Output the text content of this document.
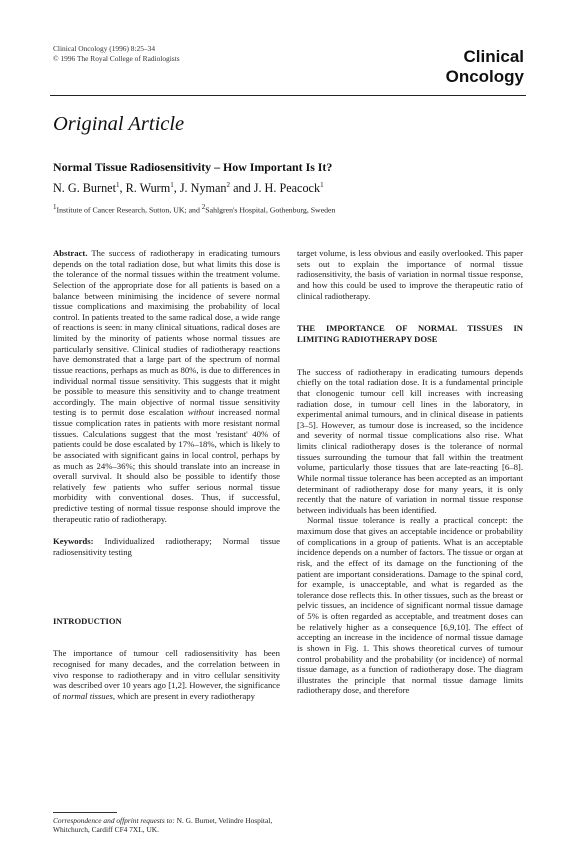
Clinical Oncology (1996) 8:25–34
© 1996 The Royal College of Radiologists	Clinical
Oncology
Original Article
Normal Tissue Radiosensitivity – How Important Is It?
N. G. Burnet$^1$, R. Wurm$^1$, J. Nyman$^2$ and J. H. Peacock$^1$
$^1$Institute of Cancer Research, Sutton, UK; and $^2$Sahlgren's Hospital, Gothenburg, Sweden

Abstract. The success of radiotherapy in eradicating tumours depends on the total radiation dose, but what limits this dose is the tolerance of the normal tissues within the treatment volume. Selection of the appropriate dose for all patients is based on a balance between minimising the incidence of severe normal tissue complications and maximising the probability of local control. In patients treated to the same radical dose, a wide range of reactions is seen: in many clinical situations, radical doses are limited by the minority of patients whose normal tissues are particularly sensitive. Clinical studies of radiotherapy reactions have demonstrated that a large part of the spectrum of normal tissue reactions, perhaps as much as 80%, is due to differences in individual normal tissue sensitivity. This suggests that it might be possible to measure this sensitivity and to change treatment accordingly. The main objective of normal tissue sensitivity testing is to permit dose escalation without increased normal tissue complication rates in patients with more resistant normal tissues. Calculations suggest that the most 'resistant' 40% of patients could be dose escalated by 17%–18%, which is likely to be associated with significant gains in local control, perhaps by as much as 24%–36%; this should translate into an increase in overall survival. It should also be possible to identify those relatively few patients who suffer serious normal tissue morbidity with conventional doses. Thus, if successful, predictive testing of normal tissue response should improve the therapeutic ratio of radiotherapy.

Keywords: Individualized radiotherapy; Normal tissue radiosensitivity testing

INTRODUCTION

The importance of tumour cell radiosensitivity has been recognised for many decades, and the correlation between in vivo response to radiotherapy and in vitro cellular sensitivity was described over 10 years ago [1,2]. However, the significance of normal tissues, which are present in every radiotherapy

Correspondence and offprint requests to: N. G. Burnet, Velindre Hospital, Whitchurch, Cardiff CF4 7XL, UK.

target volume, is less obvious and easily overlooked. This paper sets out to explain the importance of normal tissue radiosensitivity, the basis of variation in normal tissue response, and how this could be used to improve the therapeutic ratio of clinical radiotherapy.

THE IMPORTANCE OF NORMAL TISSUES IN LIMITING RADIOTHERAPY DOSE

The success of radiotherapy in eradicating tumours depends chiefly on the total radiation dose. It is a fundamental principle that clonogenic tumour cell kill increases with increasing radiation dose, in tumour cell lines in the laboratory, in experimental animal tumours, and in clinical disease in patients [3–5]. However, as tumour dose is increased, so the incidence and severity of normal tissue complications also rise. What limits clinical radiotherapy doses is the tolerance of normal tissues surrounding the tumour that fall within the treatment volume, particularly those tissues that are late-reacting [6–8]. While normal tissue tolerance has been accepted as an important determinant of radiotherapy dose for many years, it is only recently that the nature of variation in normal tissue response between individuals has been identified.

Normal tissue tolerance is really a practical concept: the maximum dose that gives an acceptable incidence or probability of complications in a group of patients. What is an acceptable incidence depends on a number of factors. The tissue or organ at risk, and the effect of its damage on the functioning of the patient are important considerations. Damage to the spinal cord, for example, is unacceptable, and what is regarded as the tolerance dose reflects this. In other tissues, such as the breast or pelvic tissues, an incidence of significant normal tissue damage of 5% is often regarded as acceptable, and treatment doses can be relatively higher as a consequence [6,9,10]. The effect of accepting an increase in the incidence of normal tissue damage is shown in Fig. 1. This shows theoretical curves of tumour control probability and the probability (or incidence) of normal tissue damage, as a function of radiotherapy dose. The diagram illustrates the principle that normal tissue damage limits radiotherapy dose, and therefore
